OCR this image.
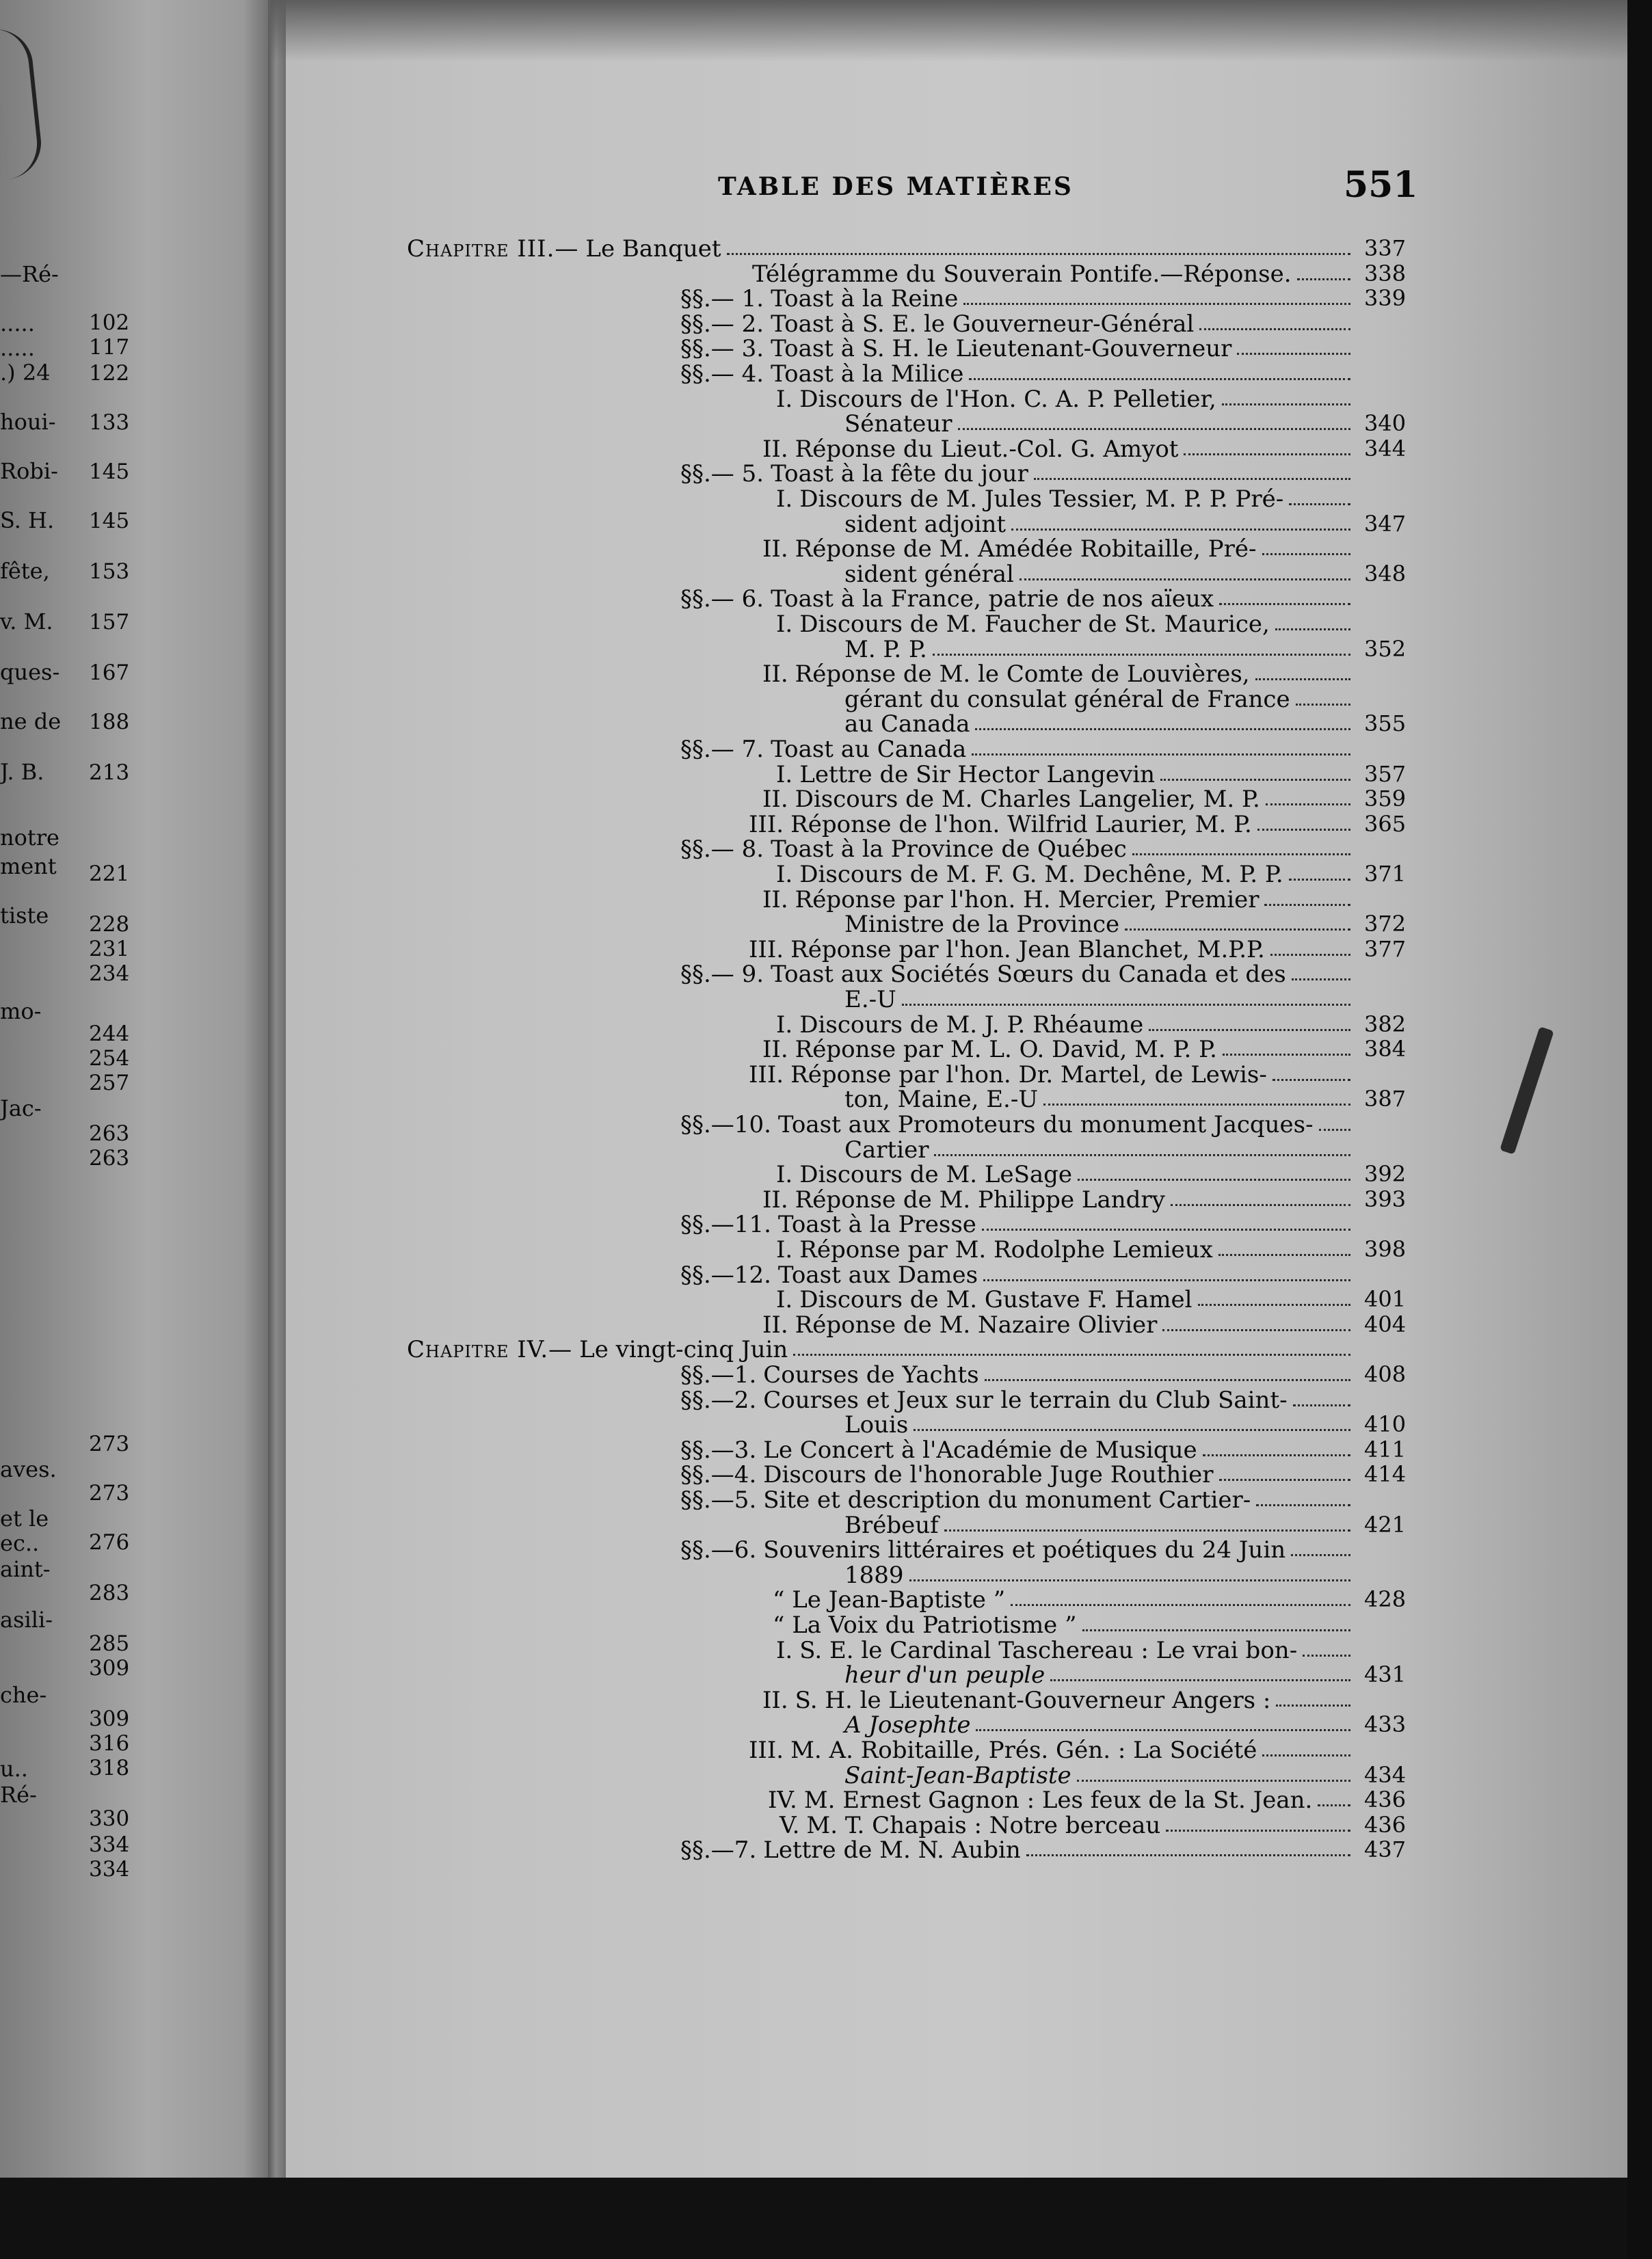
—Ré-
.....	102
.....	117
.) 24 122
houi- 133
Robi- 145
S. H. 145
fête, 153
v. M. 157
ques- 167
ne de 188
J. B. 213
notre
ment 221
tiste 228
231
234
mo-
244
254
257
Jac-
263
263
273
aves.
273
et le
ec.. 276
aint-
283
asili-
285
309
che-
309
316
u..	318
Ré-
330
334
334
TABLE DES MATIÈRES	551
Chapitre III.— Le Banquet	337
Télégramme du Souverain Pontife.—Réponse.	338
§§.— 1. Toast à la Reine	339
§§.— 2. Toast à S. E. le Gouverneur-Général
§§.— 3. Toast à S. H. le Lieutenant-Gouverneur
§§.— 4. Toast à la Milice
I. Discours de l'Hon. C. A. P. Pelletier,
Sénateur	340
II. Réponse du Lieut.-Col. G. Amyot	344
§§.— 5. Toast à la fête du jour
I. Discours de M. Jules Tessier, M. P. P. Pré-
sident adjoint	347
II. Réponse de M. Amédée Robitaille, Pré-
sident général	348
§§.— 6. Toast à la France, patrie de nos aïeux
I. Discours de M. Faucher de St. Maurice,
M. P. P.	352
II. Réponse de M. le Comte de Louvières,
gérant du consulat général de France
au Canada	355
§§.— 7. Toast au Canada
I. Lettre de Sir Hector Langevin	357
II. Discours de M. Charles Langelier, M. P.	359
III. Réponse de l'hon. Wilfrid Laurier, M. P.	365
§§.— 8. Toast à la Province de Québec
I. Discours de M. F. G. M. Dechêne, M. P. P.	371
II. Réponse par l'hon. H. Mercier, Premier
Ministre de la Province	372
III. Réponse par l'hon. Jean Blanchet, M.P.P.	377
§§.— 9. Toast aux Sociétés Sœurs du Canada et des
E.-U
I. Discours de M. J. P. Rhéaume	382
II. Réponse par M. L. O. David, M. P. P.	384
III. Réponse par l'hon. Dr. Martel, de Lewis-
ton, Maine, E.-U	387
§§.—10. Toast aux Promoteurs du monument Jacques-
Cartier
I. Discours de M. LeSage	392
II. Réponse de M. Philippe Landry	393
§§.—11. Toast à la Presse
I. Réponse par M. Rodolphe Lemieux	398
§§.—12. Toast aux Dames
I. Discours de M. Gustave F. Hamel	401
II. Réponse de M. Nazaire Olivier	404
Chapitre IV.— Le vingt-cinq Juin
§§.—1. Courses de Yachts	408
§§.—2. Courses et Jeux sur le terrain du Club Saint-
Louis	410
§§.—3. Le Concert à l'Académie de Musique	411
§§.—4. Discours de l'honorable Juge Routhier	414
§§.—5. Site et description du monument Cartier-
Brébeuf	421
§§.—6. Souvenirs littéraires et poétiques du 24 Juin
1889
“ Le Jean-Baptiste ”	428
“ La Voix du Patriotisme ”
I. S. E. le Cardinal Taschereau : Le vrai bon-
heur d'un peuple	431
II. S. H. le Lieutenant-Gouverneur Angers :
A Josephte	433
III. M. A. Robitaille, Prés. Gén. : La Société
Saint-Jean-Baptiste	434
IV. M. Ernest Gagnon : Les feux de la St. Jean. 436
V. M. T. Chapais : Notre berceau	436
§§.—7. Lettre de M. N. Aubin	437
